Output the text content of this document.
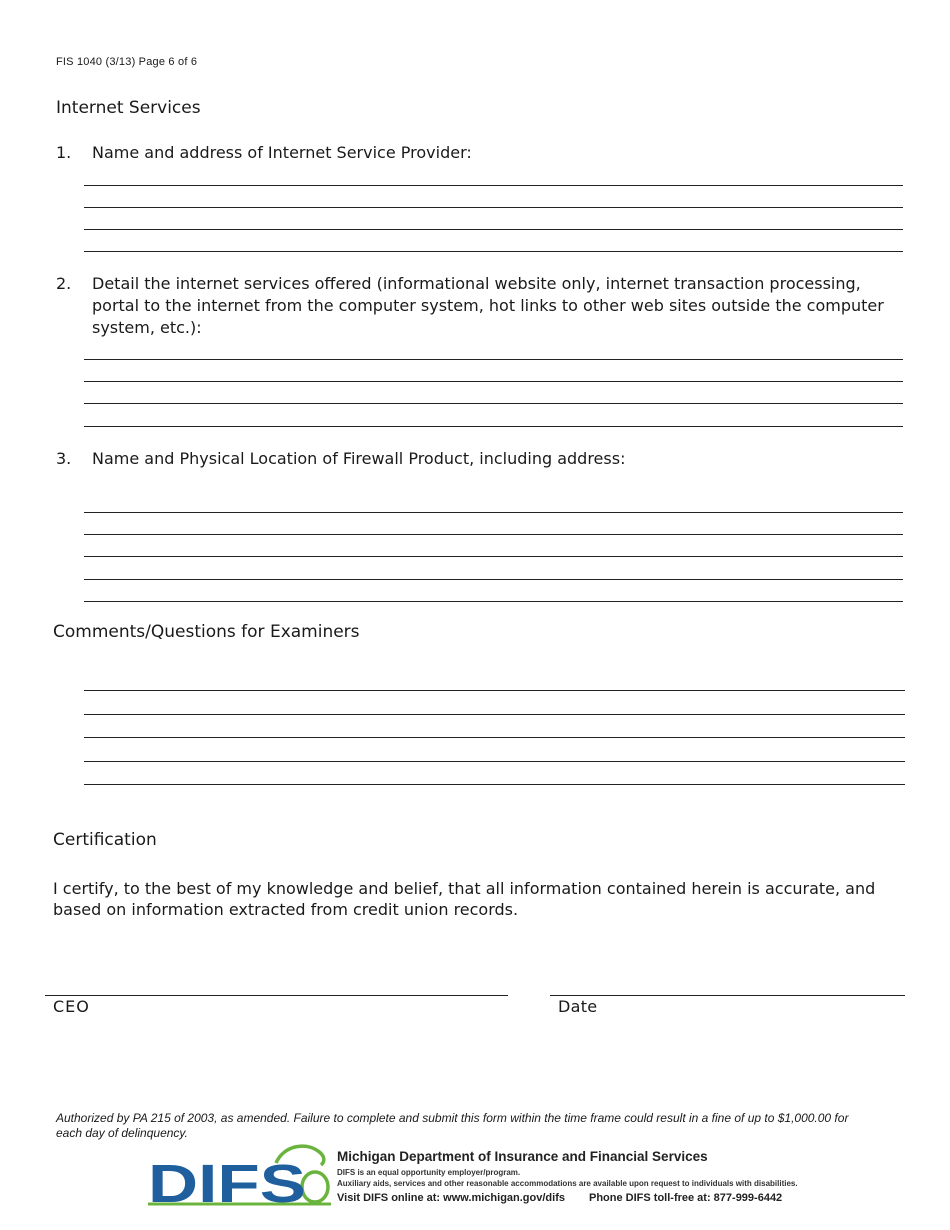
FIS 1040 (3/13) Page 6 of 6
Internet Services
1. Name and address of Internet Service Provider:
2. Detail the internet services offered (informational website only, internet transaction processing,
portal to the internet from the computer system, hot links to other web sites outside the computer
system, etc.):
3. Name and Physical Location of Firewall Product, including address:
Comments/Questions for Examiners
Certification
I certify, to the best of my knowledge and belief, that all information contained herein is accurate, and
based on information extracted from credit union records.
CEO	Date
Authorized by PA 215 of 2003, as amended. Failure to complete and submit this form within the time frame could result in a fine of up to $1,000.00 for
each day of delinquency.
DIFS Michigan Department of Insurance and Financial Services
DIFS is an equal opportunity employer/program.
Auxiliary aids, services and other reasonable accommodations are available upon request to individuals with disabilities.
Visit DIFS online at: www.michigan.gov/difs Phone DIFS toll-free at: 877-999-6442
